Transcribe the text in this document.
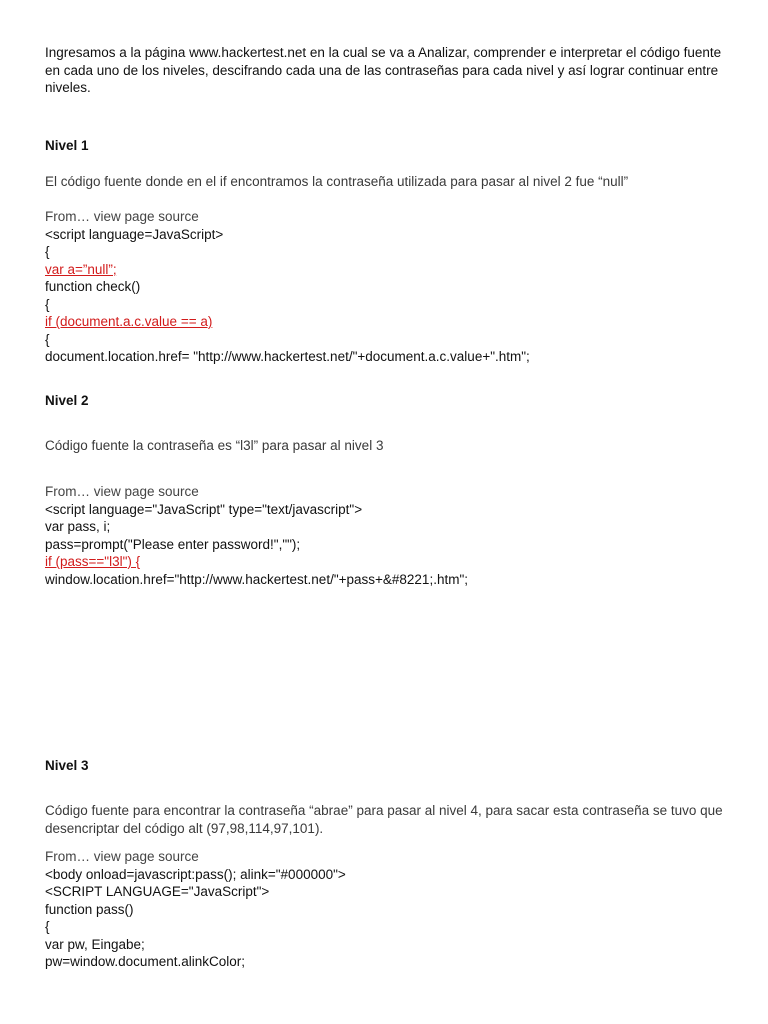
Ingresamos a la página www.hackertest.net en la cual se va a Analizar, comprender e interpretar el código fuente en cada uno de los niveles, descifrando cada una de las contraseñas para cada nivel y así lograr continuar entre niveles.
Nivel 1
El código fuente donde en el if encontramos la contraseña utilizada para pasar al nivel 2 fue “null”
From… view page source
<script language=JavaScript>
{
var a=”null”;
function check()
{
if (document.a.c.value == a)
{
document.location.href= "http://www.hackertest.net/"+document.a.c.value+".htm";
Nivel 2
Código fuente la contraseña es “l3l” para pasar al nivel 3
From… view page source
<script language="JavaScript" type="text/javascript">
var pass, i;
pass=prompt("Please enter password!","");
if (pass=="l3l") {
window.location.href="http://www.hackertest.net/"+pass+&#8221;.htm";
Nivel 3
Código fuente para encontrar la contraseña “abrae” para pasar al nivel 4, para sacar esta contraseña se tuvo que desencriptar del código alt (97,98,114,97,101).
From… view page source
<body onload=javascript:pass(); alink="#000000">
<SCRIPT LANGUAGE="JavaScript">
function pass()
{
var pw, Eingabe;
pw=window.document.alinkColor;
